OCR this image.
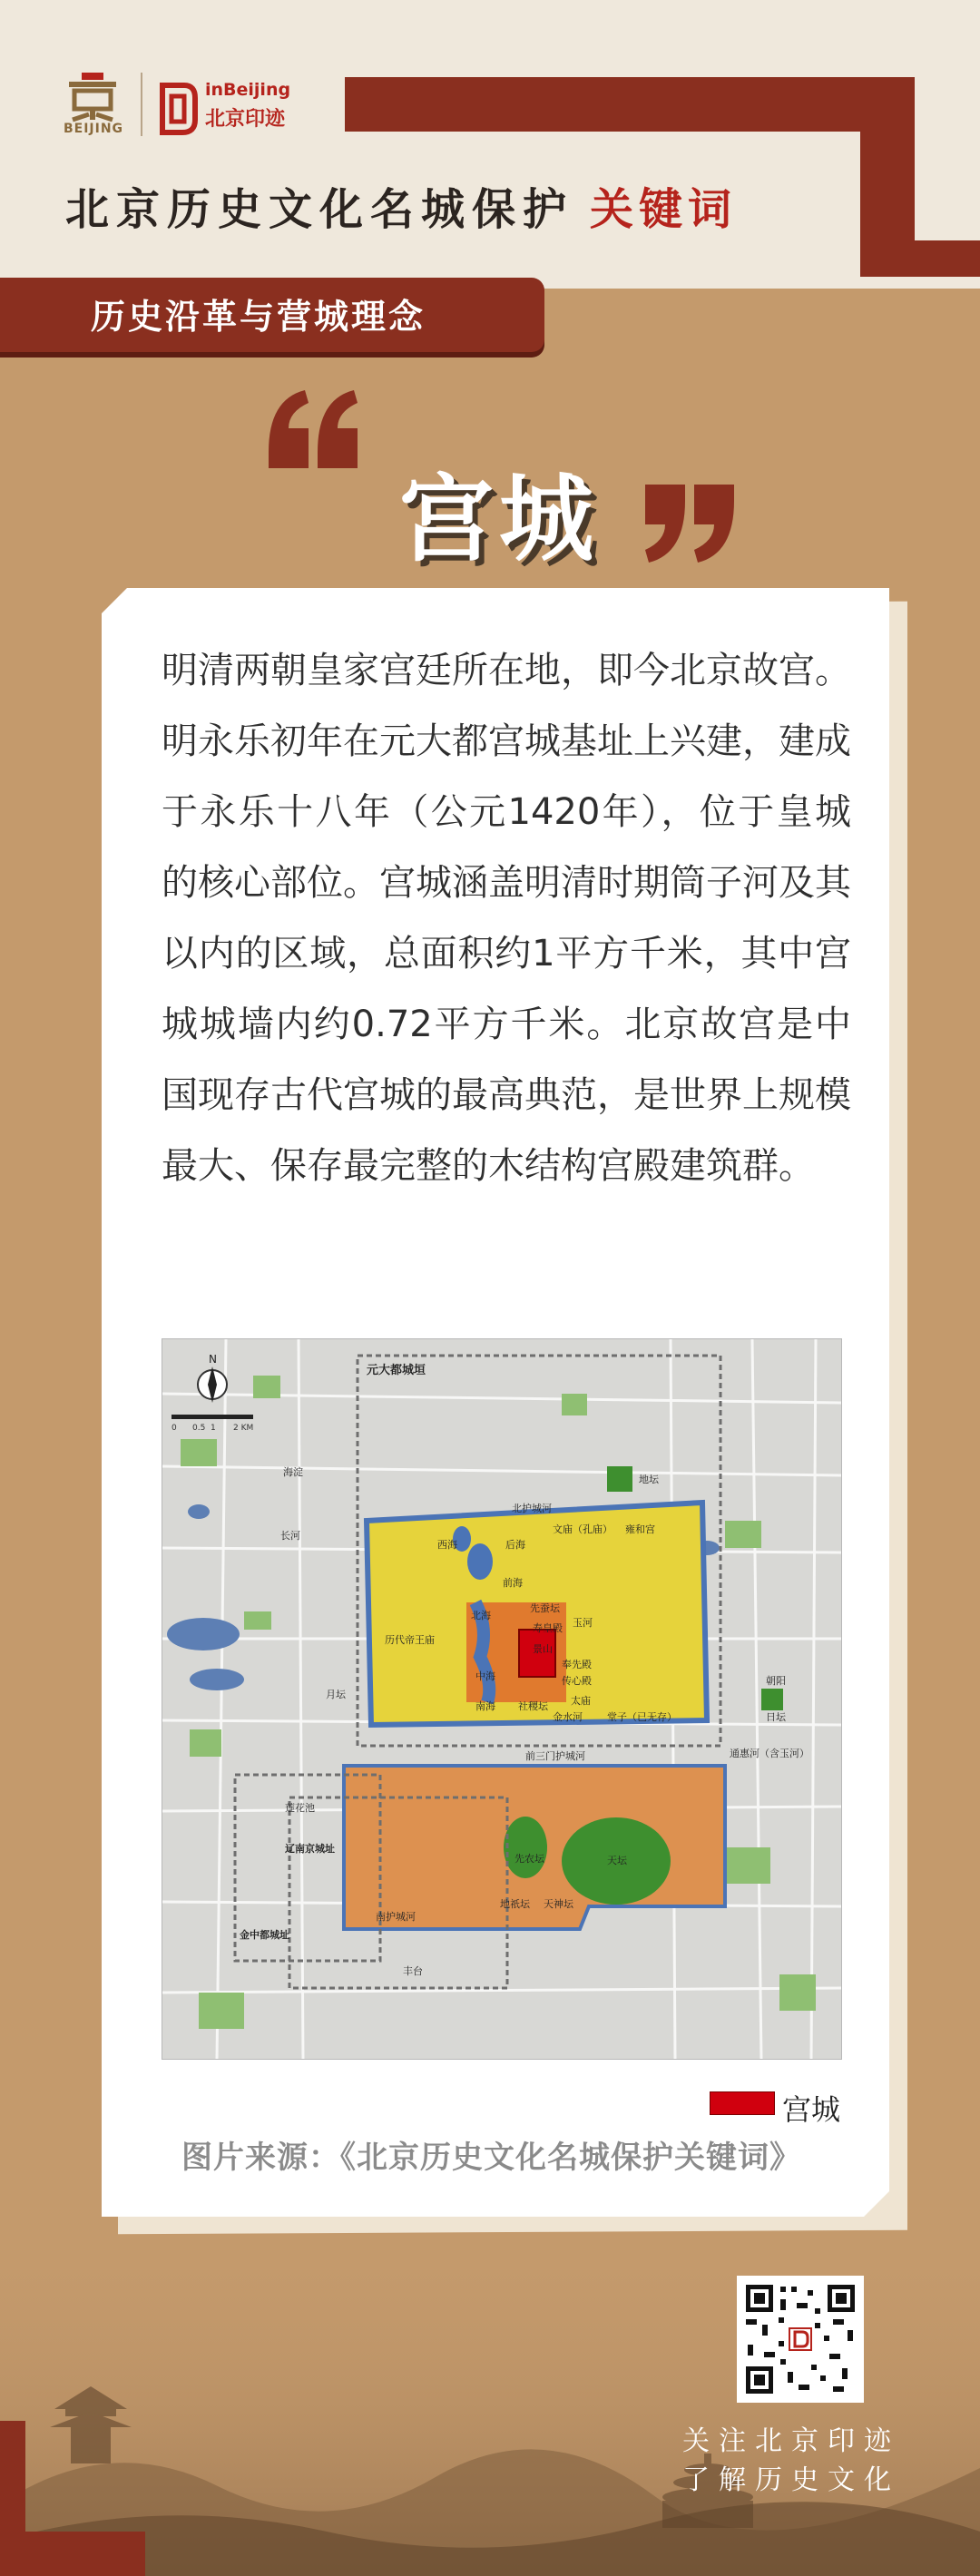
BEIJING
inBeijing
北京印迹
北京历史文化名城保护 关键词
历史沿革与营城理念
宫城
明清两朝皇家宫廷所在地，即今北京故宫。明永乐初年在元大都宫城基址上兴建，建成于永乐十八年（公元1420年），位于皇城的核心部位。宫城涵盖明清时期筒子河及其以内的区域，总面积约1平方千米，其中宫城城墙内约0.72平方千米。北京故宫是中国现存古代宫城的最高典范，是世界上规模最大、保存最完整的木结构宫殿建筑群。
N
0 0.5 1 2 KM
元大都城垣
海淀
长河
北护城河
文庙（孔庙） 雍和宫
地坛
西海	后海
前海
北海
先蚕坛
寿皇殿 玉河
景山
历代帝王庙
中海
奉先殿
传心殿
南海 社稷坛 太庙
金水河 堂子（已无存）
月坛
朝阳
日坛
通惠河（含玉河）
前三门护城河
辽南京城址
金中都城址
先农坛	天坛
地祇坛 天神坛
南护城河
丰台
莲花池
宫城
图片来源：《北京历史文化名城保护关键词》
关注北京印迹
了解历史文化
